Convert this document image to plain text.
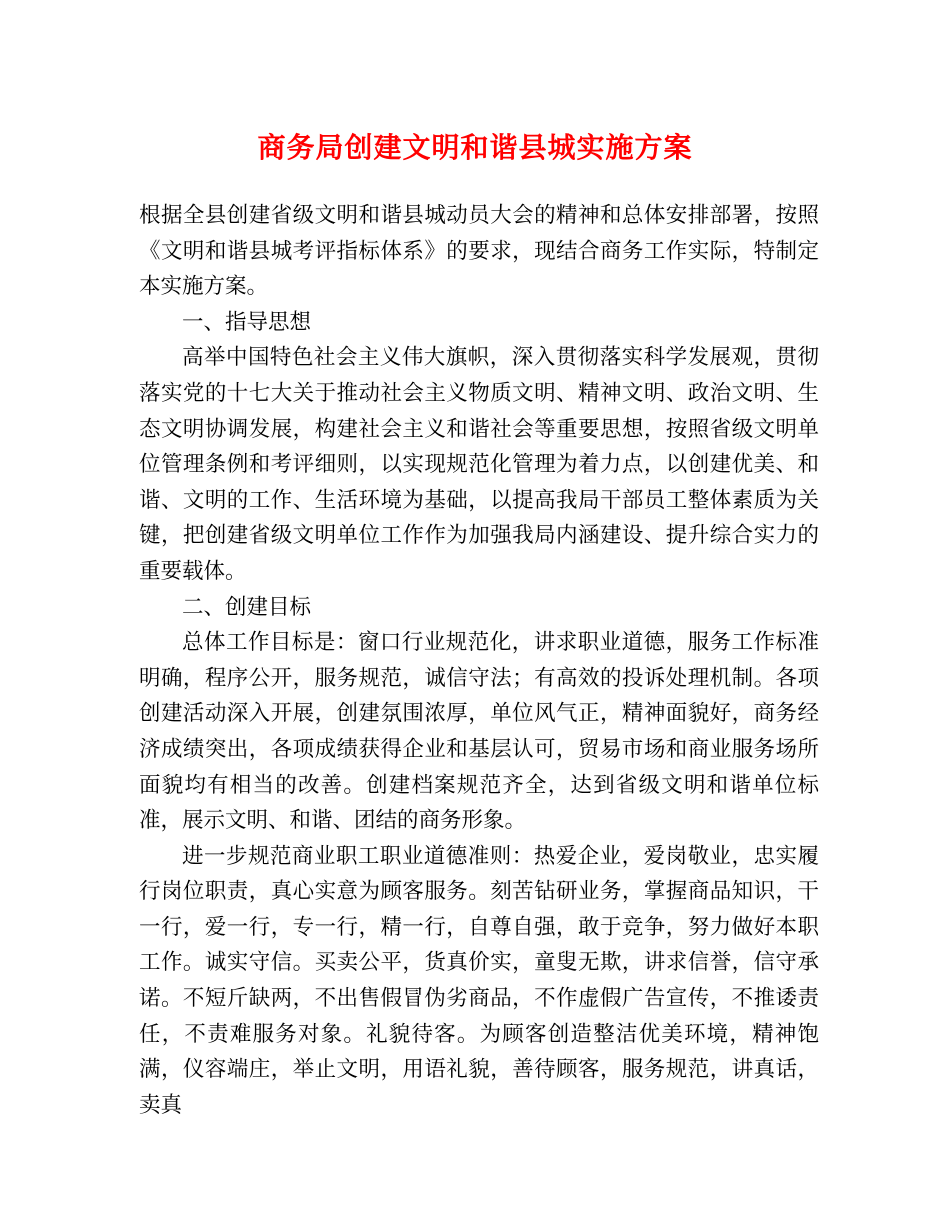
商务局创建文明和谐县城实施方案

根据全县创建省级文明和谐县城动员大会的精神和总体安排部署，按照《文明和谐县城考评指标体系》的要求，现结合商务工作实际，特制定本实施方案。

一、指导思想

高举中国特色社会主义伟大旗帜，深入贯彻落实科学发展观，贯彻落实党的十七大关于推动社会主义物质文明、精神文明、政治文明、生态文明协调发展，构建社会主义和谐社会等重要思想，按照省级文明单位管理条例和考评细则，以实现规范化管理为着力点，以创建优美、和谐、文明的工作、生活环境为基础，以提高我局干部员工整体素质为关键，把创建省级文明单位工作作为加强我局内涵建设、提升综合实力的重要载体。

二、创建目标

总体工作目标是：窗口行业规范化，讲求职业道德，服务工作标准明确，程序公开，服务规范，诚信守法；有高效的投诉处理机制。各项创建活动深入开展，创建氛围浓厚，单位风气正，精神面貌好，商务经济成绩突出，各项成绩获得企业和基层认可，贸易市场和商业服务场所面貌均有相当的改善。创建档案规范齐全，达到省级文明和谐单位标准，展示文明、和谐、团结的商务形象。

进一步规范商业职工职业道德准则：热爱企业，爱岗敬业，忠实履行岗位职责，真心实意为顾客服务。刻苦钻研业务，掌握商品知识，干一行，爱一行，专一行，精一行，自尊自强，敢于竞争，努力做好本职工作。诚实守信。买卖公平，货真价实，童叟无欺，讲求信誉，信守承诺。不短斤缺两，不出售假冒伪劣商品，不作虚假广告宣传，不推诿责任，不责难服务对象。礼貌待客。为顾客创造整洁优美环境，精神饱满，仪容端庄，举止文明，用语礼貌，善待顾客，服务规范，讲真话，卖真
